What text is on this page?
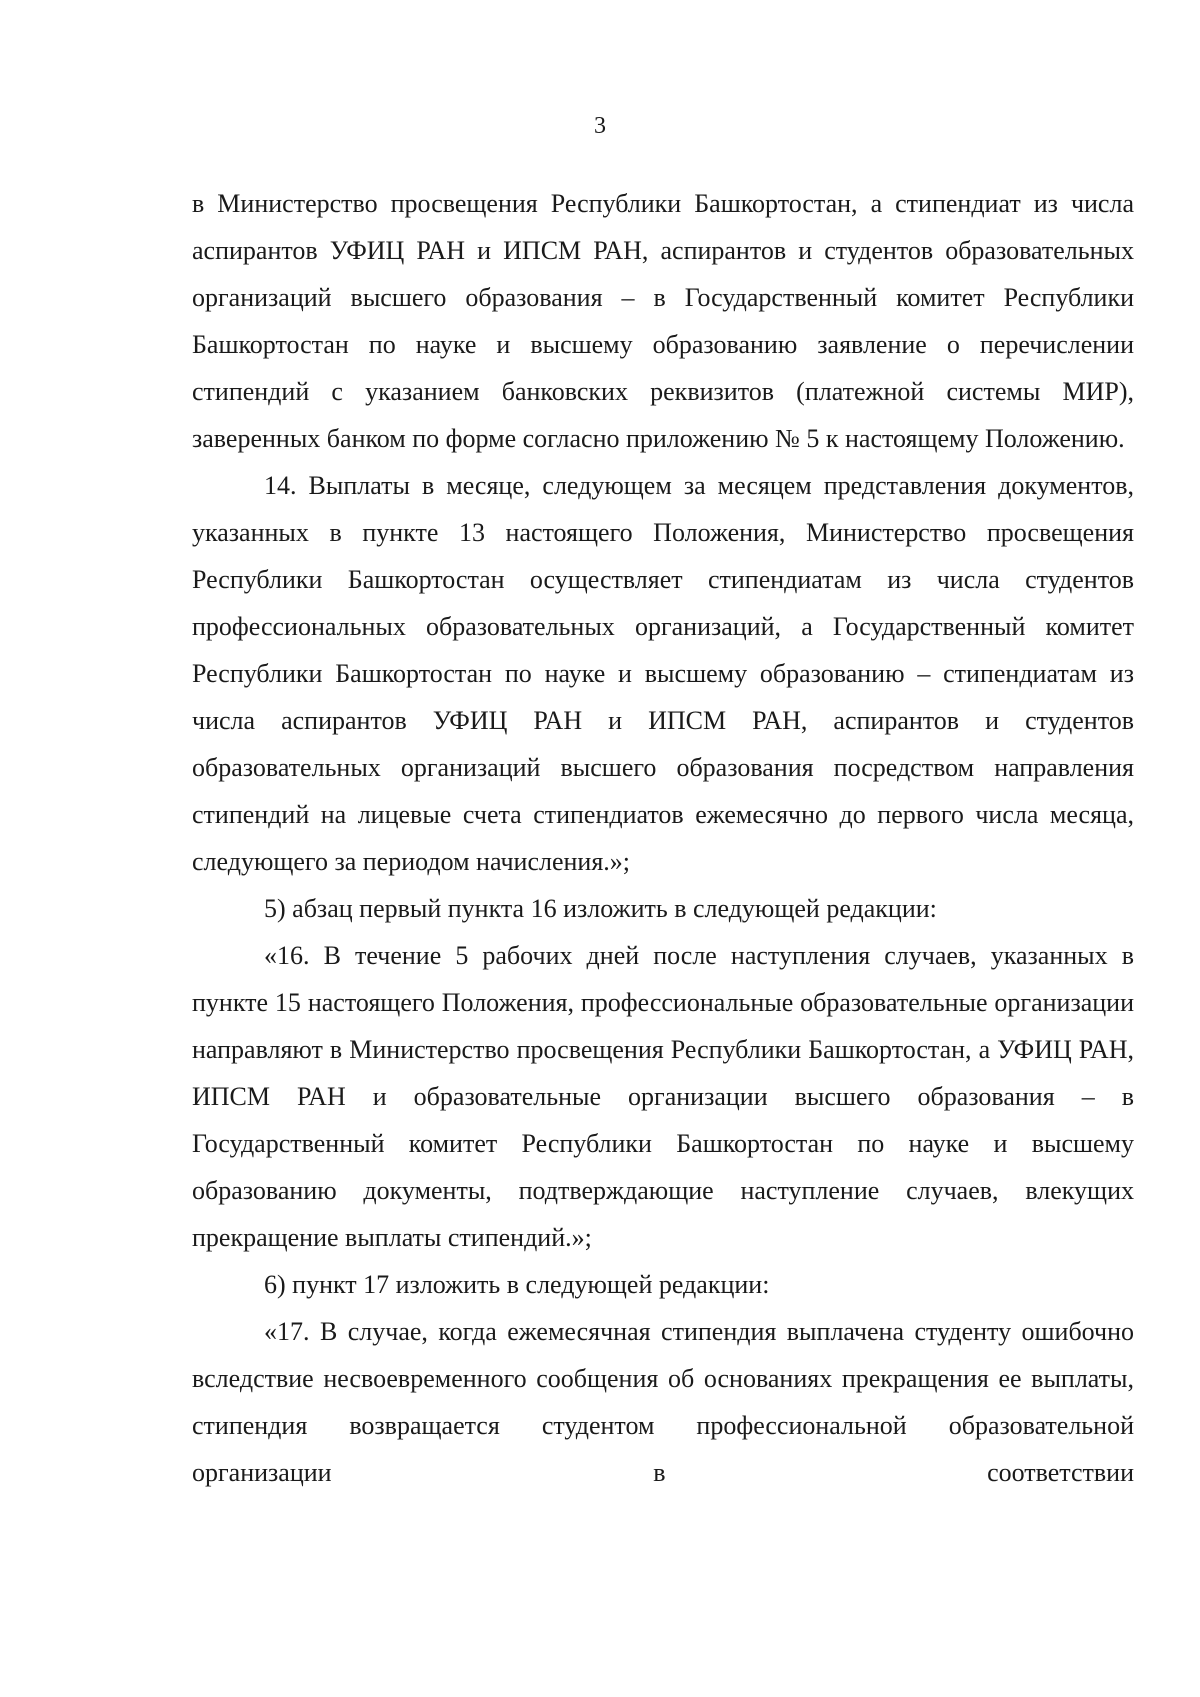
3

в Министерство просвещения Республики Башкортостан, а стипендиат из числа аспирантов УФИЦ РАН и ИПСМ РАН, аспирантов и студентов образовательных организаций высшего образования – в Государственный комитет Республики Башкортостан по науке и высшему образованию заявление о перечислении стипендий с указанием банковских реквизитов (платежной системы МИР), заверенных банком по форме согласно приложению № 5 к настоящему Положению.

14. Выплаты в месяце, следующем за месяцем представления документов, указанных в пункте 13 настоящего Положения, Министерство просвещения Республики Башкортостан осуществляет стипендиатам из числа студентов профессиональных образовательных организаций, а Государственный комитет Республики Башкортостан по науке и высшему образованию – стипендиатам из числа аспирантов УФИЦ РАН и ИПСМ РАН, аспирантов и студентов образовательных организаций высшего образования посредством направления стипендий на лицевые счета стипендиатов ежемесячно до первого числа месяца, следующего за периодом начисления.»;

5) абзац первый пункта 16 изложить в следующей редакции:

«16. В течение 5 рабочих дней после наступления случаев, указанных в пункте 15 настоящего Положения, профессиональные образовательные организации направляют в Министерство просвещения Республики Башкортостан, а УФИЦ РАН, ИПСМ РАН и образовательные организации высшего образования – в Государственный комитет Республики Башкортостан по науке и высшему образованию документы, подтверждающие наступление случаев, влекущих прекращение выплаты стипендий.»;

6) пункт 17 изложить в следующей редакции:

«17. В случае, когда ежемесячная стипендия выплачена студенту ошибочно вследствие несвоевременного сообщения об основаниях прекращения ее выплаты, стипендия возвращается студентом профессиональной образовательной организации в соответствии
